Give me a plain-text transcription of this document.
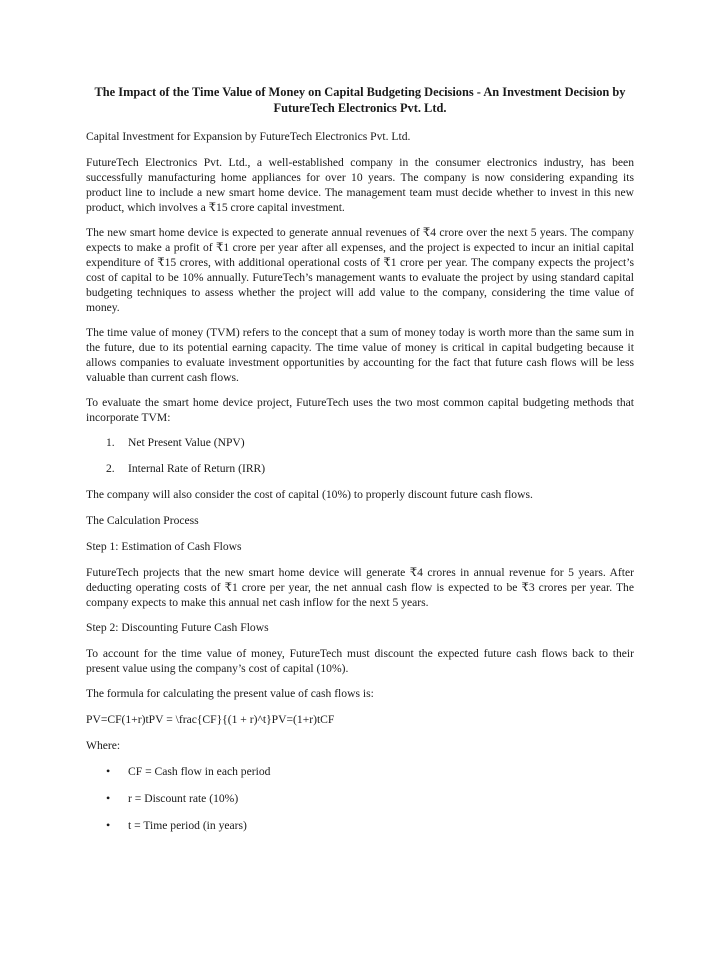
The Impact of the Time Value of Money on Capital Budgeting Decisions - An Investment Decision by FutureTech Electronics Pvt. Ltd.

Capital Investment for Expansion by FutureTech Electronics Pvt. Ltd.

FutureTech Electronics Pvt. Ltd., a well-established company in the consumer electronics industry, has been successfully manufacturing home appliances for over 10 years. The company is now considering expanding its product line to include a new smart home device. The management team must decide whether to invest in this new product, which involves a ₹15 crore capital investment.

The new smart home device is expected to generate annual revenues of ₹4 crore over the next 5 years. The company expects to make a profit of ₹1 crore per year after all expenses, and the project is expected to incur an initial capital expenditure of ₹15 crores, with additional operational costs of ₹1 crore per year. The company expects the project’s cost of capital to be 10% annually. FutureTech’s management wants to evaluate the project by using standard capital budgeting techniques to assess whether the project will add value to the company, considering the time value of money.

The time value of money (TVM) refers to the concept that a sum of money today is worth more than the same sum in the future, due to its potential earning capacity. The time value of money is critical in capital budgeting because it allows companies to evaluate investment opportunities by accounting for the fact that future cash flows will be less valuable than current cash flows.

To evaluate the smart home device project, FutureTech uses the two most common capital budgeting methods that incorporate TVM:

1.	Net Present Value (NPV)
2.	Internal Rate of Return (IRR)

The company will also consider the cost of capital (10%) to properly discount future cash flows.

The Calculation Process

Step 1: Estimation of Cash Flows

FutureTech projects that the new smart home device will generate ₹4 crores in annual revenue for 5 years. After deducting operating costs of ₹1 crore per year, the net annual cash flow is expected to be ₹3 crores per year. The company expects to make this annual net cash inflow for the next 5 years.

Step 2: Discounting Future Cash Flows

To account for the time value of money, FutureTech must discount the expected future cash flows back to their present value using the company’s cost of capital (10%).

The formula for calculating the present value of cash flows is:

PV=CF(1+r)tPV = \frac{CF}{(1 + r)^t}PV=(1+r)tCF

Where:

•	CF = Cash flow in each period
•	r = Discount rate (10%)
•	t = Time period (in years)
